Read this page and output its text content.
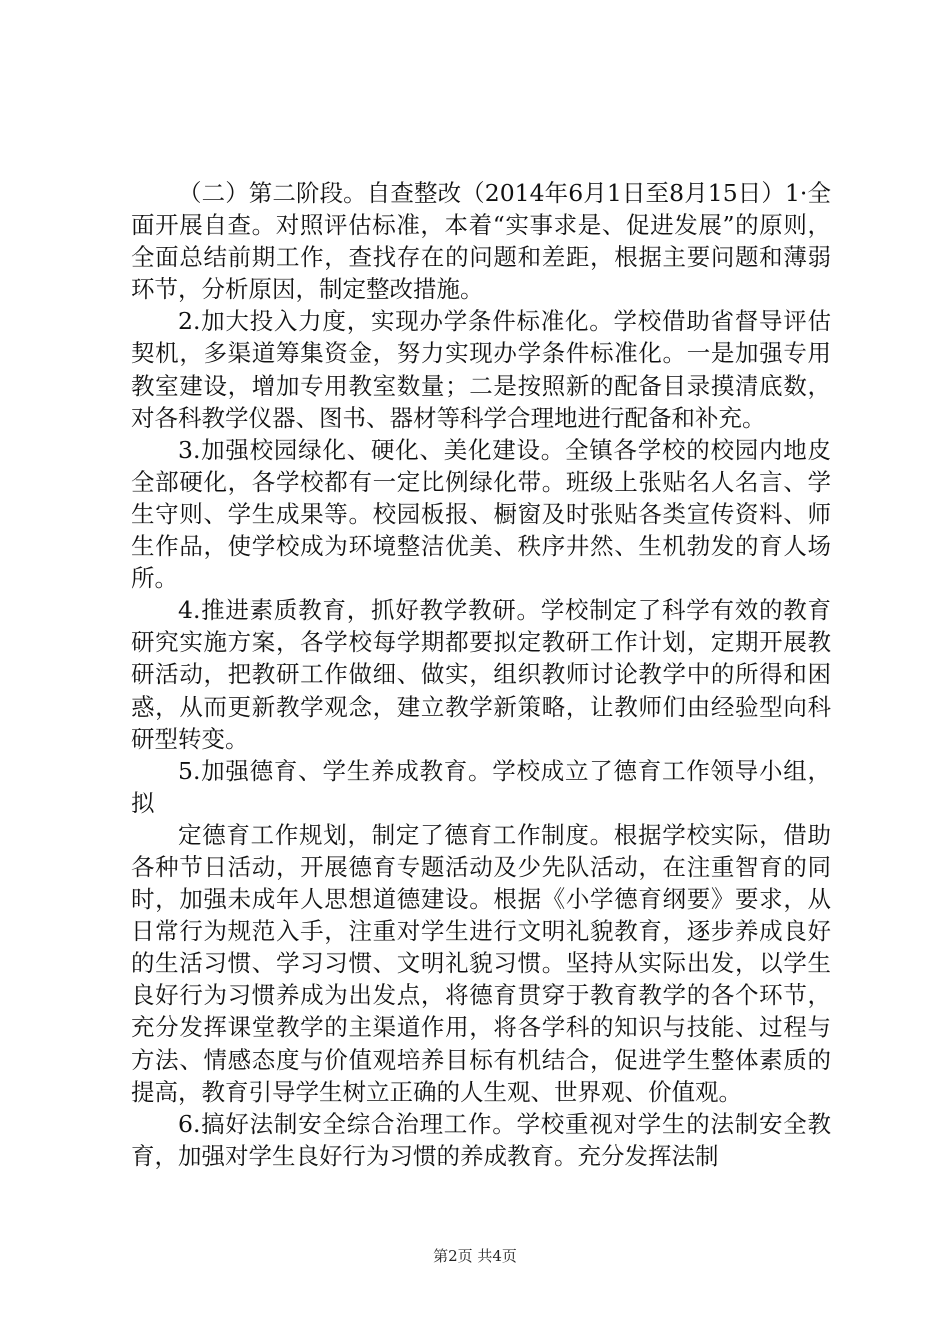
（二）第二阶段。自查整改（2014年6月1日至8月15日）1·全面开展自查。对照评估标准，本着“实事求是、促进发展”的原则，全面总结前期工作，查找存在的问题和差距，根据主要问题和薄弱环节，分析原因，制定整改措施。

2.加大投入力度，实现办学条件标准化。学校借助省督导评估契机，多渠道筹集资金，努力实现办学条件标准化。一是加强专用教室建设，增加专用教室数量；二是按照新的配备目录摸清底数，对各科教学仪器、图书、器材等科学合理地进行配备和补充。

3.加强校园绿化、硬化、美化建设。全镇各学校的校园内地皮全部硬化，各学校都有一定比例绿化带。班级上张贴名人名言、学生守则、学生成果等。校园板报、橱窗及时张贴各类宣传资料、师生作品，使学校成为环境整洁优美、秩序井然、生机勃发的育人场所。

4.推进素质教育，抓好教学教研。学校制定了科学有效的教育研究实施方案，各学校每学期都要拟定教研工作计划，定期开展教研活动，把教研工作做细、做实，组织教师讨论教学中的所得和困惑，从而更新教学观念，建立教学新策略，让教师们由经验型向科研型转变。

5.加强德育、学生养成教育。学校成立了德育工作领导小组，拟

定德育工作规划，制定了德育工作制度。根据学校实际，借助各种节日活动，开展德育专题活动及少先队活动，在注重智育的同时，加强未成年人思想道德建设。根据《小学德育纲要》要求，从日常行为规范入手，注重对学生进行文明礼貌教育，逐步养成良好的生活习惯、学习习惯、文明礼貌习惯。坚持从实际出发，以学生良好行为习惯养成为出发点，将德育贯穿于教育教学的各个环节，充分发挥课堂教学的主渠道作用，将各学科的知识与技能、过程与方法、情感态度与价值观培养目标有机结合，促进学生整体素质的提高，教育引导学生树立正确的人生观、世界观、价值观。

6.搞好法制安全综合治理工作。学校重视对学生的法制安全教育，加强对学生良好行为习惯的养成教育。充分发挥法制

第2页 共4页
